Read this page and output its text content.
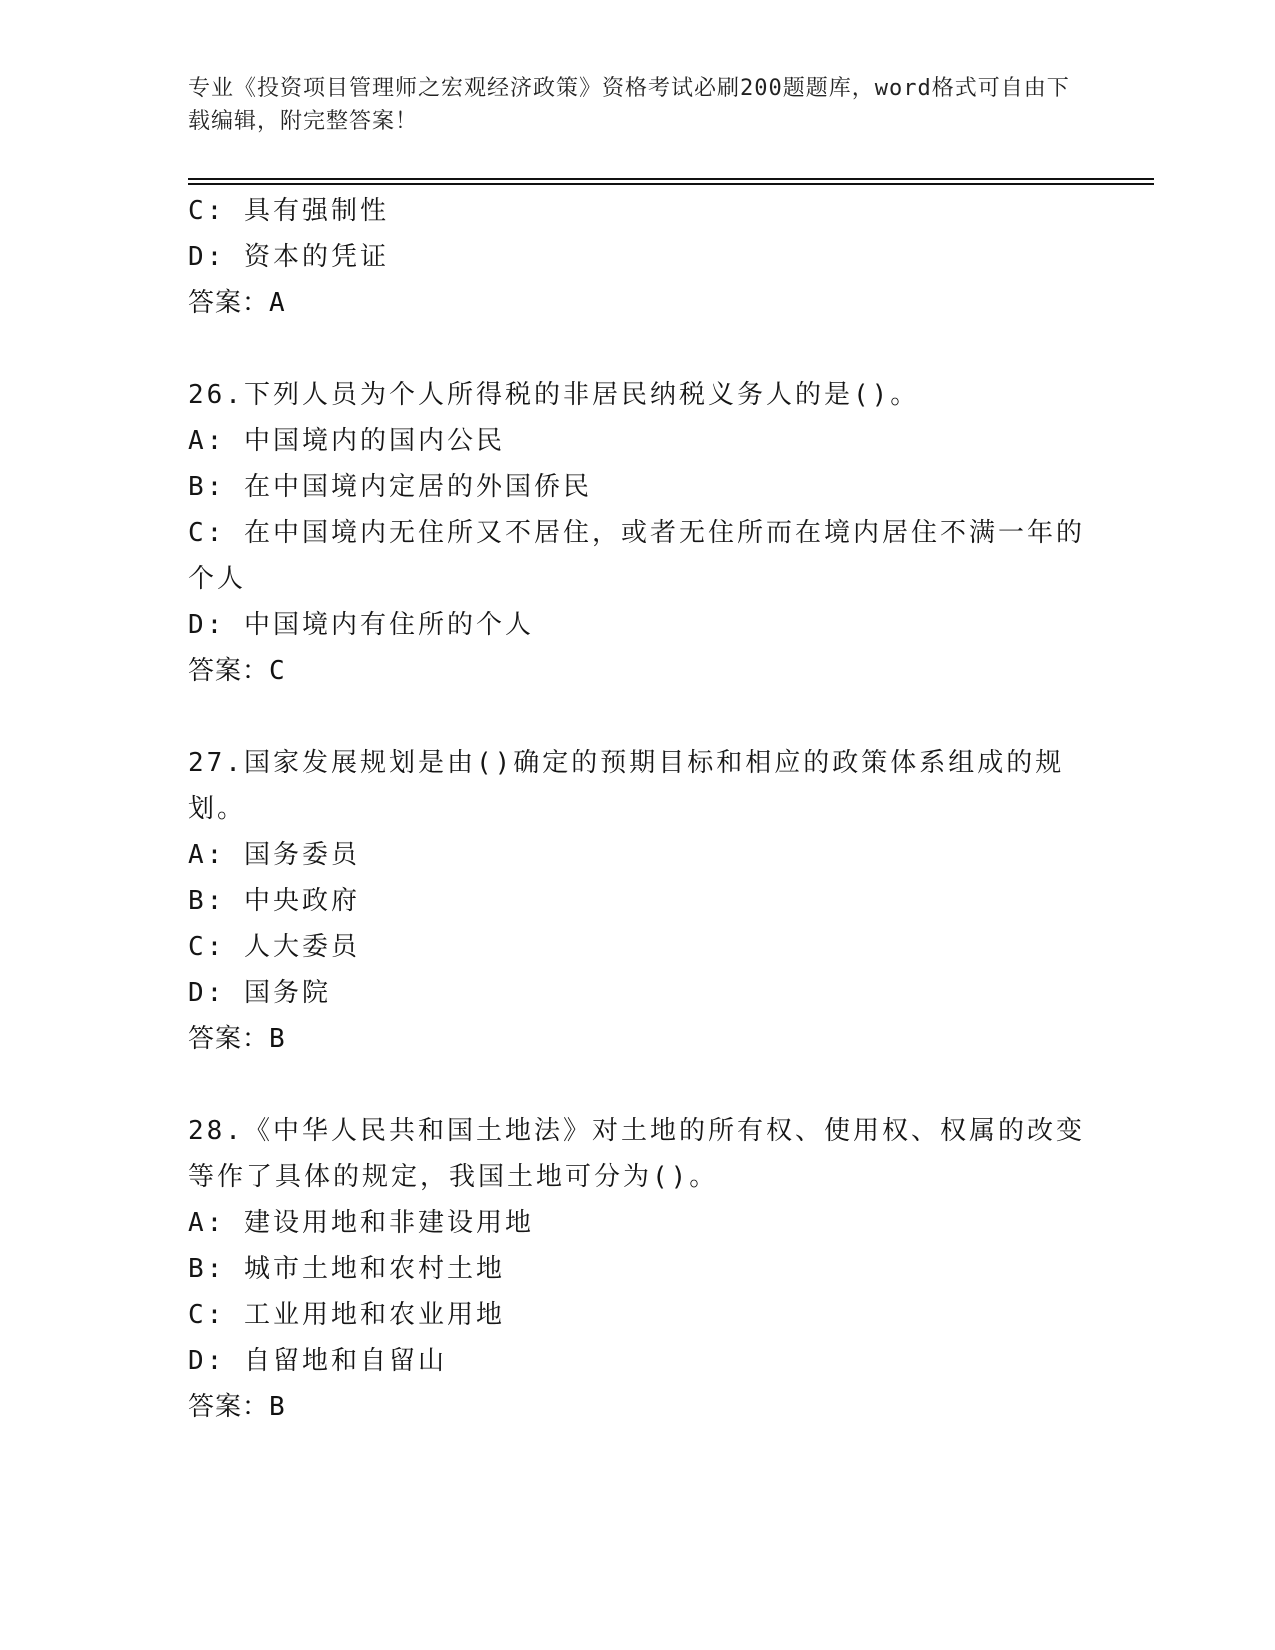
专业《投资项目管理师之宏观经济政策》资格考试必刷200题题库，word格式可自由下载编辑，附完整答案！
C: 具有强制性
D: 资本的凭证
答案：A
26.下列人员为个人所得税的非居民纳税义务人的是()。
A: 中国境内的国内公民
B: 在中国境内定居的外国侨民
C: 在中国境内无住所又不居住，或者无住所而在境内居住不满一年的个人
D: 中国境内有住所的个人
答案：C
27.国家发展规划是由()确定的预期目标和相应的政策体系组成的规划。
A: 国务委员
B: 中央政府
C: 人大委员
D: 国务院
答案：B
28.《中华人民共和国土地法》对土地的所有权、使用权、权属的改变等作了具体的规定，我国土地可分为()。
A: 建设用地和非建设用地
B: 城市土地和农村土地
C: 工业用地和农业用地
D: 自留地和自留山
答案：B
